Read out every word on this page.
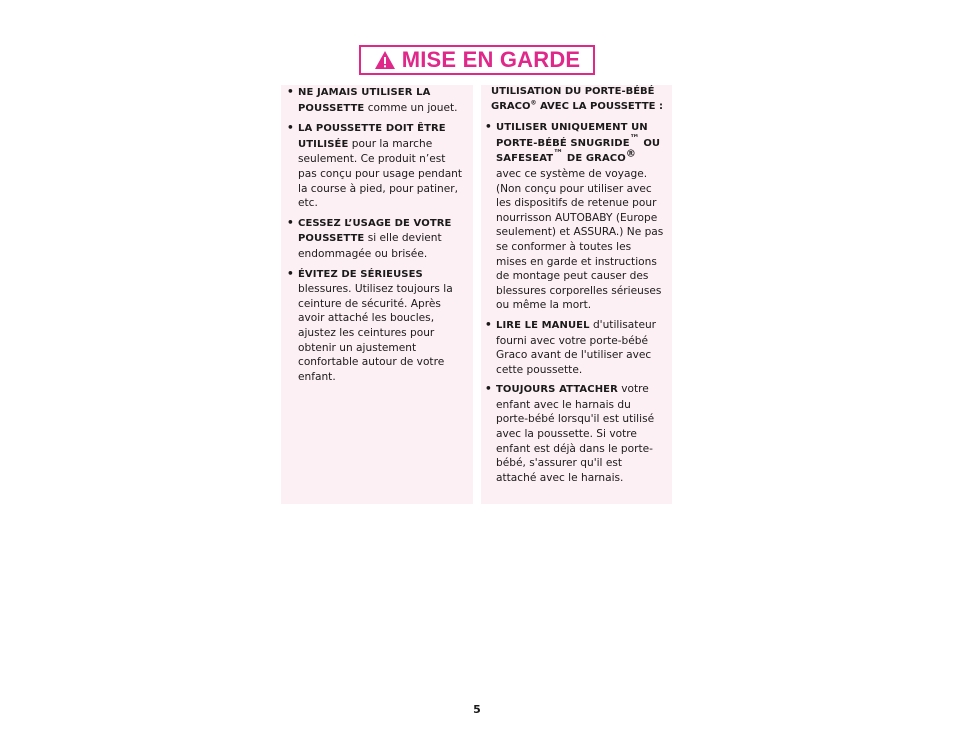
MISE EN GARDE
• NE JAMAIS UTILISER LA POUSSETTE comme un jouet.
• LA POUSSETTE DOIT ÊTRE UTILISÉE pour la marche seulement. Ce produit n’est pas conçu pour usage pendant la course à pied, pour patiner, etc.
• CESSEZ L’USAGE DE VOTRE POUSSETTE si elle devient endommagée ou brisée.
• ÉVITEZ DE SÉRIEUSES blessures. Utilisez toujours la ceinture de sécurité. Après avoir attaché les boucles, ajustez les ceintures pour obtenir un ajustement confortable autour de votre enfant.
UTILISATION DU PORTE-BÉBÉ GRACO® AVEC LA POUSSETTE :
• UTILISER UNIQUEMENT UN PORTE-BÉBÉ SNUGRIDE™ OU SAFESEAT™ DE GRACO® avec ce système de voyage. (Non conçu pour utiliser avec les dispositifs de retenue pour nourrisson AUTOBABY (Europe seulement) et ASSURA.) Ne pas se conformer à toutes les mises en garde et instructions de montage peut causer des blessures corporelles sérieuses ou même la mort.
• LIRE LE MANUEL d'utilisateur fourni avec votre porte-bébé Graco avant de l'utiliser avec cette poussette.
• TOUJOURS ATTACHER votre enfant avec le harnais du porte-bébé lorsqu'il est utilisé avec la poussette. Si votre enfant est déjà dans le porte-bébé, s'assurer qu'il est attaché avec le harnais.
5
